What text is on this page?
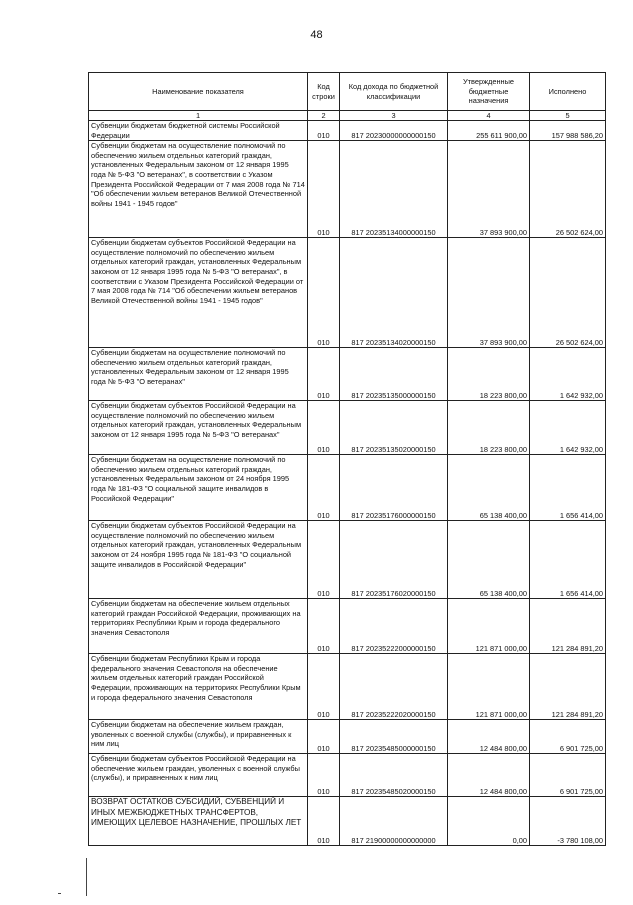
48
Наименование показателя	Код строки	Код дохода по бюджетной классификации	Утвержденные бюджетные назначения	Исполнено
1	2	3	4	5
Субвенции бюджетам бюджетной системы Российской Федерации	010	817 20230000000000150	255 611 900,00	157 988 586,20
Субвенции бюджетам на осуществление полномочий по обеспечению жильем отдельных категорий граждан, установленных Федеральным законом от 12 января 1995 года № 5-ФЗ "О ветеранах", в соответствии с Указом Президента Российской Федерации от 7 мая 2008 года № 714 "Об обеспечении жильем ветеранов Великой Отечественной войны 1941 - 1945 годов"	010	817 20235134000000150	37 893 900,00	26 502 624,00
Субвенции бюджетам субъектов Российской Федерации на осуществление полномочий по обеспечению жильем отдельных категорий граждан, установленных Федеральным законом от 12 января 1995 года № 5-ФЗ "О ветеранах", в соответствии с Указом Президента Российской Федерации от 7 мая 2008 года № 714 "Об обеспечении жильем ветеранов Великой Отечественной войны 1941 - 1945 годов"	010	817 20235134020000150	37 893 900,00	26 502 624,00
Субвенции бюджетам на осуществление полномочий по обеспечению жильем отдельных категорий граждан, установленных Федеральным законом от 12 января 1995 года № 5-ФЗ "О ветеранах"	010	817 20235135000000150	18 223 800,00	1 642 932,00
Субвенции бюджетам субъектов Российской Федерации на осуществление полномочий по обеспечению жильем отдельных категорий граждан, установленных Федеральным законом от 12 января 1995 года № 5-ФЗ "О ветеранах"	010	817 20235135020000150	18 223 800,00	1 642 932,00
Субвенции бюджетам на осуществление полномочий по обеспечению жильем отдельных категорий граждан, установленных Федеральным законом от 24 ноября 1995 года № 181-ФЗ "О социальной защите инвалидов в Российской Федерации"	010	817 20235176000000150	65 138 400,00	1 656 414,00
Субвенции бюджетам субъектов Российской Федерации на осуществление полномочий по обеспечению жильем отдельных категорий граждан, установленных Федеральным законом от 24 ноября 1995 года № 181-ФЗ "О социальной защите инвалидов в Российской Федерации"	010	817 20235176020000150	65 138 400,00	1 656 414,00
Субвенции бюджетам на обеспечение жильем отдельных категорий граждан Российской Федерации, проживающих на территориях Республики Крым и города федерального значения Севастополя	010	817 20235222000000150	121 871 000,00	121 284 891,20
Субвенции бюджетам Республики Крым и города федерального значения Севастополя на обеспечение жильем отдельных категорий граждан Российской Федерации, проживающих на территориях Республики Крым и города федерального значения Севастополя	010	817 20235222020000150	121 871 000,00	121 284 891,20
Субвенции бюджетам на обеспечение жильем граждан, уволенных с военной службы (службы), и приравненных к ним лиц	010	817 20235485000000150	12 484 800,00	6 901 725,00
Субвенции бюджетам субъектов Российской Федерации на обеспечение жильем граждан, уволенных с военной службы (службы), и приравненных к ним лиц	010	817 20235485020000150	12 484 800,00	6 901 725,00
ВОЗВРАТ ОСТАТКОВ СУБСИДИЙ, СУБВЕНЦИЙ И ИНЫХ МЕЖБЮДЖЕТНЫХ ТРАНСФЕРТОВ, ИМЕЮЩИХ ЦЕЛЕВОЕ НАЗНАЧЕНИЕ, ПРОШЛЫХ ЛЕТ	010	817 21900000000000000	0,00	-3 780 108,00
